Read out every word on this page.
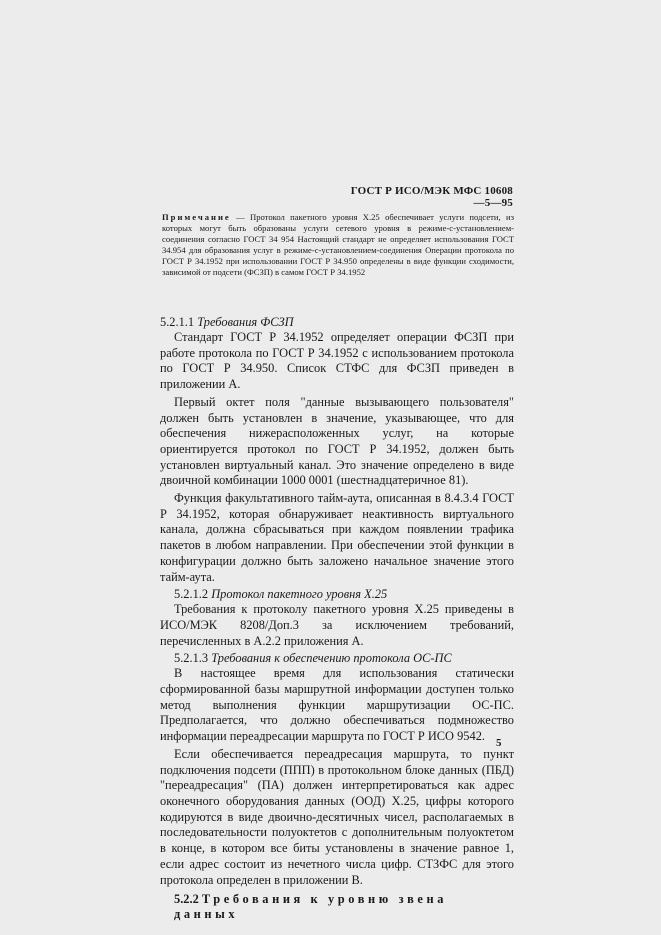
ГОСТ Р ИСО/МЭК МФС 10608—5—95
Примечание — Протокол пакетного уровня X.25 обеспечивает услуги подсети, из которых могут быть образованы услуги сетевого уровня в режиме-с-установлением-соединения согласно ГОСТ 34 954 Настоящий стандарт не определяет использования ГОСТ 34.954 для образования услуг в режиме-с-установлением-соединения Операции протокола по ГОСТ Р 34.1952 при использовании ГОСТ Р 34.950 определены в виде функции сходимости, зависимой от подсети (ФСЗП) в самом ГОСТ Р 34.1952
5.2.1.1 Требования ФСЗП

Стандарт ГОСТ Р 34.1952 определяет операции ФСЗП при работе протокола по ГОСТ Р 34.1952 с использованием протокола по ГОСТ Р 34.950. Список СТФС для ФСЗП приведен в приложении А.

Первый октет поля "данные вызывающего пользователя" должен быть установлен в значение, указывающее, что для обеспечения нижерасположенных услуг, на которые ориентируется протокол по ГОСТ Р 34.1952, должен быть установлен виртуальный канал. Это значение определено в виде двоичной комбинации 1000 0001 (шестнадцатеричное 81).

Функция факультативного тайм-аута, описанная в 8.4.3.4 ГОСТ Р 34.1952, которая обнаруживает неактивность виртуального канала, должна сбрасываться при каждом появлении трафика пакетов в любом направлении. При обеспечении этой функции в конфигурации должно быть заложено начальное значение этого тайм-аута.

5.2.1.2 Протокол пакетного уровня X.25

Требования к протоколу пакетного уровня X.25 приведены в ИСО/МЭК 8208/Доп.3 за исключением требований, перечисленных в А.2.2 приложения А.

5.2.1.3 Требования к обеспечению протокола ОС-ПС

В настоящее время для использования статически сформированной базы маршрутной информации доступен только метод выполнения функции маршрутизации ОС-ПС. Предполагается, что должно обеспечиваться подмножество информации переадресации маршрута по ГОСТ Р ИСО 9542.

Если обеспечивается переадресация маршрута, то пункт подключения подсети (ППП) в протокольном блоке данных (ПБД) "переадресация" (ПА) должен интерпретироваться как адрес оконечного оборудования данных (ООД) X.25, цифры которого кодируются в виде двоично-десятичных чисел, располагаемых в последовательности полуоктетов с дополнительным полуоктетом в конце, в котором все биты установлены в значение равное 1, если адрес состоит из нечетного числа цифр. СТЗФС для этого протокола определен в приложении В.

5.2.2 Требования к уровню звена данных
5
